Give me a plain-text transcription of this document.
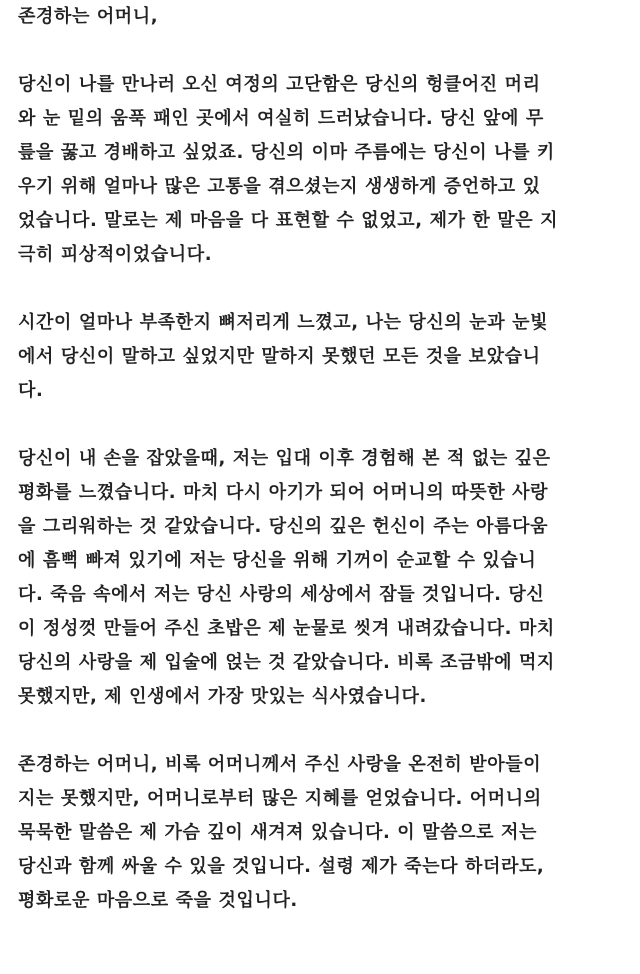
존경하는 어머니,
당신이 나를 만나러 오신 여정의 고단함은 당신의 헝클어진 머리
와 눈 밑의 움푹 패인 곳에서 여실히 드러났습니다. 당신 앞에 무
릎을 꿇고 경배하고 싶었죠. 당신의 이마 주름에는 당신이 나를 키
우기 위해 얼마나 많은 고통을 겪으셨는지 생생하게 증언하고 있
었습니다. 말로는 제 마음을 다 표현할 수 없었고, 제가 한 말은 지
극히 피상적이었습니다.
시간이 얼마나 부족한지 뼈저리게 느꼈고, 나는 당신의 눈과 눈빛
에서 당신이 말하고 싶었지만 말하지 못했던 모든 것을 보았습니
다.
당신이 내 손을 잡았을때, 저는 입대 이후 경험해 본 적 없는 깊은
평화를 느꼈습니다. 마치 다시 아기가 되어 어머니의 따뜻한 사랑
을 그리워하는 것 같았습니다. 당신의 깊은 헌신이 주는 아름다움
에 흠뻑 빠져 있기에 저는 당신을 위해 기꺼이 순교할 수 있습니
다. 죽음 속에서 저는 당신 사랑의 세상에서 잠들 것입니다. 당신
이 정성껏 만들어 주신 초밥은 제 눈물로 씻겨 내려갔습니다. 마치
당신의 사랑을 제 입술에 얹는 것 같았습니다. 비록 조금밖에 먹지
못했지만, 제 인생에서 가장 맛있는 식사였습니다.
존경하는 어머니, 비록 어머니께서 주신 사랑을 온전히 받아들이
지는 못했지만, 어머니로부터 많은 지혜를 얻었습니다. 어머니의
묵묵한 말씀은 제 가슴 깊이 새겨져 있습니다. 이 말씀으로 저는
당신과 함께 싸울 수 있을 것입니다. 설령 제가 죽는다 하더라도,
평화로운 마음으로 죽을 것입니다.
